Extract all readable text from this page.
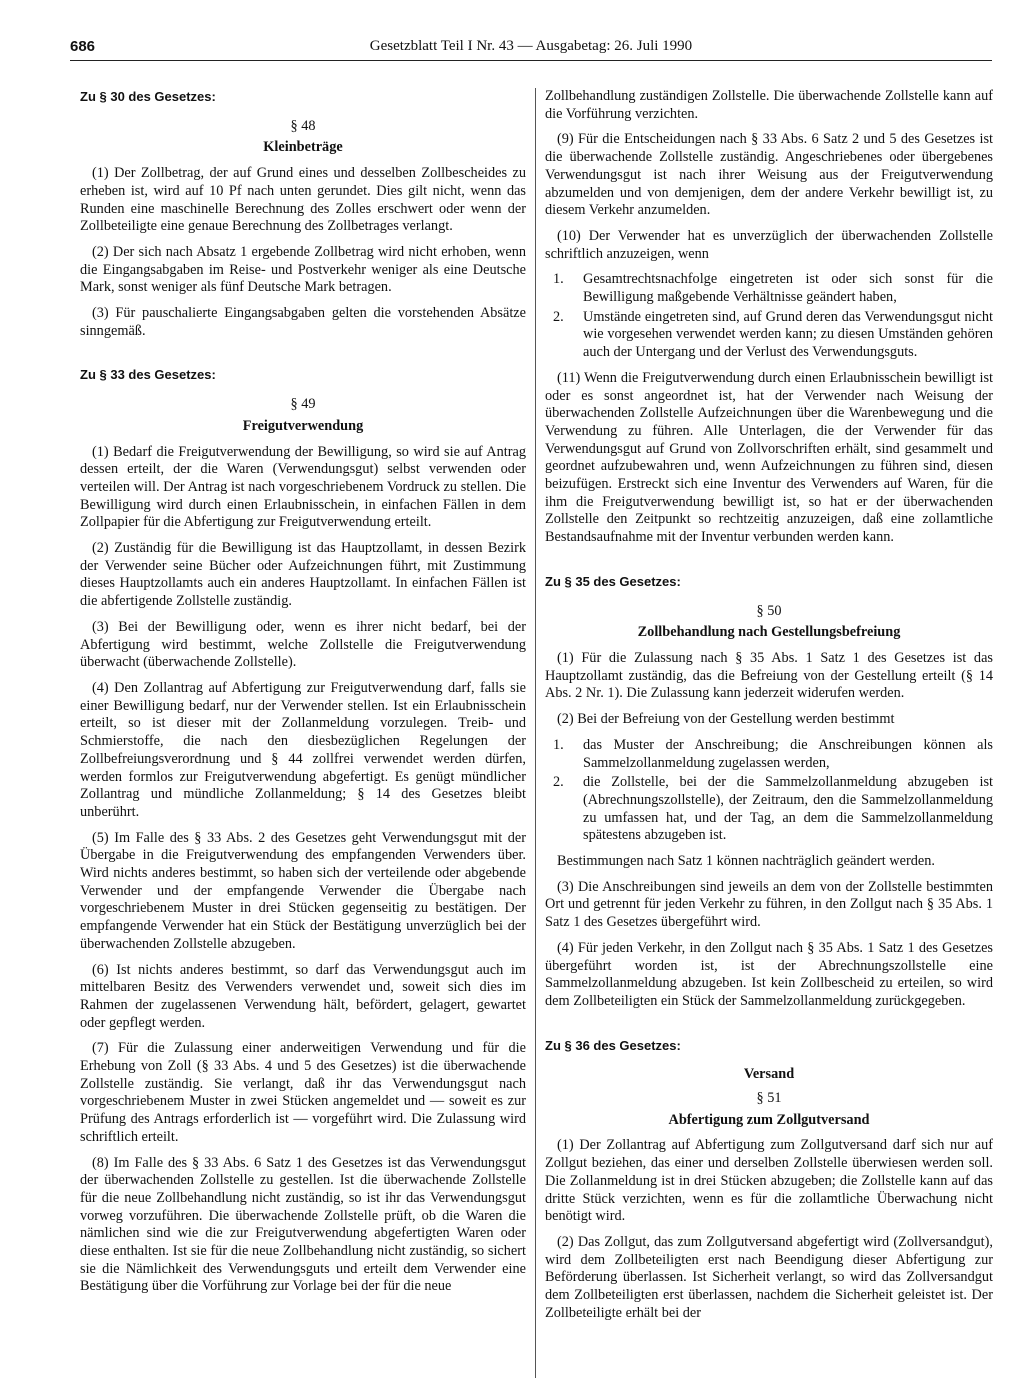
686	Gesetzblatt Teil I Nr. 43 — Ausgabetag: 26. Juli 1990
Zu § 30 des Gesetzes:
§ 48
Kleinbeträge

(1) Der Zollbetrag, der auf Grund eines und desselben Zollbescheides zu erheben ist, wird auf 10 Pf nach unten gerundet. Dies gilt nicht, wenn das Runden eine maschinelle Berechnung des Zolles erschwert oder wenn der Zollbeteiligte eine genaue Berechnung des Zollbetrages verlangt.

(2) Der sich nach Absatz 1 ergebende Zollbetrag wird nicht erhoben, wenn die Eingangsabgaben im Reise- und Postverkehr weniger als eine Deutsche Mark, sonst weniger als fünf Deutsche Mark betragen.

(3) Für pauschalierte Eingangsabgaben gelten die vorstehenden Absätze sinngemäß.

Zu § 33 des Gesetzes:
§ 49
Freigutverwendung

(1) Bedarf die Freigutverwendung der Bewilligung, so wird sie auf Antrag dessen erteilt, der die Waren (Verwendungsgut) selbst verwenden oder verteilen will. Der Antrag ist nach vorgeschriebenem Vordruck zu stellen. Die Bewilligung wird durch einen Erlaubnisschein, in einfachen Fällen in dem Zollpapier für die Abfertigung zur Freigutverwendung erteilt.

(2) Zuständig für die Bewilligung ist das Hauptzollamt, in dessen Bezirk der Verwender seine Bücher oder Aufzeichnungen führt, mit Zustimmung dieses Hauptzollamts auch ein anderes Hauptzollamt. In einfachen Fällen ist die abfertigende Zollstelle zuständig.

(3) Bei der Bewilligung oder, wenn es ihrer nicht bedarf, bei der Abfertigung wird bestimmt, welche Zollstelle die Freigutverwendung überwacht (überwachende Zollstelle).

(4) Den Zollantrag auf Abfertigung zur Freigutverwendung darf, falls sie einer Bewilligung bedarf, nur der Verwender stellen. Ist ein Erlaubnisschein erteilt, so ist dieser mit der Zollanmeldung vorzulegen. Treib- und Schmierstoffe, die nach den diesbezüglichen Regelungen der Zollbefreiungsverordnung und § 44 zollfrei verwendet werden dürfen, werden formlos zur Freigutverwendung abgefertigt. Es genügt mündlicher Zollantrag und mündliche Zollanmeldung; § 14 des Gesetzes bleibt unberührt.

(5) Im Falle des § 33 Abs. 2 des Gesetzes geht Verwendungsgut mit der Übergabe in die Freigutverwendung des empfangenden Verwenders über. Wird nichts anderes bestimmt, so haben sich der verteilende oder abgebende Verwender und der empfangende Verwender die Übergabe nach vorgeschriebenem Muster in drei Stücken gegenseitig zu bestätigen. Der empfangende Verwender hat ein Stück der Bestätigung unverzüglich bei der überwachenden Zollstelle abzugeben.

(6) Ist nichts anderes bestimmt, so darf das Verwendungsgut auch im mittelbaren Besitz des Verwenders verwendet und, soweit sich dies im Rahmen der zugelassenen Verwendung hält, befördert, gelagert, gewartet oder gepflegt werden.

(7) Für die Zulassung einer anderweitigen Verwendung und für die Erhebung von Zoll (§ 33 Abs. 4 und 5 des Gesetzes) ist die überwachende Zollstelle zuständig. Sie verlangt, daß ihr das Verwendungsgut nach vorgeschriebenem Muster in zwei Stücken angemeldet und — soweit es zur Prüfung des Antrags erforderlich ist — vorgeführt wird. Die Zulassung wird schriftlich erteilt.

(8) Im Falle des § 33 Abs. 6 Satz 1 des Gesetzes ist das Verwendungsgut der überwachenden Zollstelle zu gestellen. Ist die überwachende Zollstelle für die neue Zollbehandlung nicht zuständig, so ist ihr das Verwendungsgut vorweg vorzuführen. Die überwachende Zollstelle prüft, ob die Waren die nämlichen sind wie die zur Freigutverwendung abgefertigten Waren oder diese enthalten. Ist sie für die neue Zollbehandlung nicht zuständig, so sichert sie die Nämlichkeit des Verwendungsguts und erteilt dem Verwender eine Bestätigung über die Vorführung zur Vorlage bei der für die neue

Zollbehandlung zuständigen Zollstelle. Die überwachende Zollstelle kann auf die Vorführung verzichten.

(9) Für die Entscheidungen nach § 33 Abs. 6 Satz 2 und 5 des Gesetzes ist die überwachende Zollstelle zuständig. Angeschriebenes oder übergebenes Verwendungsgut ist nach ihrer Weisung aus der Freigutverwendung abzumelden und von demjenigen, dem der andere Verkehr bewilligt ist, zu diesem Verkehr anzumelden.

(10) Der Verwender hat es unverzüglich der überwachenden Zollstelle schriftlich anzuzeigen, wenn

1. Gesamtrechtsnachfolge eingetreten ist oder sich sonst für die Bewilligung maßgebende Verhältnisse geändert haben,
2. Umstände eingetreten sind, auf Grund deren das Verwendungsgut nicht wie vorgesehen verwendet werden kann; zu diesen Umständen gehören auch der Untergang und der Verlust des Verwendungsguts.

(11) Wenn die Freigutverwendung durch einen Erlaubnisschein bewilligt ist oder es sonst angeordnet ist, hat der Verwender nach Weisung der überwachenden Zollstelle Aufzeichnungen über die Warenbewegung und die Verwendung zu führen. Alle Unterlagen, die der Verwender für das Verwendungsgut auf Grund von Zollvorschriften erhält, sind gesammelt und geordnet aufzubewahren und, wenn Aufzeichnungen zu führen sind, diesen beizufügen. Erstreckt sich eine Inventur des Verwenders auf Waren, für die ihm die Freigutverwendung bewilligt ist, so hat er der überwachenden Zollstelle den Zeitpunkt so rechtzeitig anzuzeigen, daß eine zollamtliche Bestandsaufnahme mit der Inventur verbunden werden kann.

Zu § 35 des Gesetzes:
§ 50
Zollbehandlung nach Gestellungsbefreiung

(1) Für die Zulassung nach § 35 Abs. 1 Satz 1 des Gesetzes ist das Hauptzollamt zuständig, das die Befreiung von der Gestellung erteilt (§ 14 Abs. 2 Nr. 1). Die Zulassung kann jederzeit widerufen werden.

(2) Bei der Befreiung von der Gestellung werden bestimmt

1. das Muster der Anschreibung; die Anschreibungen können als Sammelzollanmeldung zugelassen werden,
2. die Zollstelle, bei der die Sammelzollanmeldung abzugeben ist (Abrechnungszollstelle), der Zeitraum, den die Sammelzollanmeldung zu umfassen hat, und der Tag, an dem die Sammelzollanmeldung spätestens abzugeben ist.

Bestimmungen nach Satz 1 können nachträglich geändert werden.

(3) Die Anschreibungen sind jeweils an dem von der Zollstelle bestimmten Ort und getrennt für jeden Verkehr zu führen, in den Zollgut nach § 35 Abs. 1 Satz 1 des Gesetzes übergeführt wird.

(4) Für jeden Verkehr, in den Zollgut nach § 35 Abs. 1 Satz 1 des Gesetzes übergeführt worden ist, ist der Abrechnungszollstelle eine Sammelzollanmeldung abzugeben. Ist kein Zollbescheid zu erteilen, so wird dem Zollbeteiligten ein Stück der Sammelzollanmeldung zurückgegeben.

Zu § 36 des Gesetzes:
Versand
§ 51
Abfertigung zum Zollgutversand

(1) Der Zollantrag auf Abfertigung zum Zollgutversand darf sich nur auf Zollgut beziehen, das einer und derselben Zollstelle überwiesen werden soll. Die Zollanmeldung ist in drei Stücken abzugeben; die Zollstelle kann auf das dritte Stück verzichten, wenn es für die zollamtliche Überwachung nicht benötigt wird.

(2) Das Zollgut, das zum Zollgutversand abgefertigt wird (Zollversandgut), wird dem Zollbeteiligten erst nach Beendigung dieser Abfertigung zur Beförderung überlassen. Ist Sicherheit verlangt, so wird das Zollversandgut dem Zollbeteiligten erst überlassen, nachdem die Sicherheit geleistet ist. Der Zollbeteiligte erhält bei der
